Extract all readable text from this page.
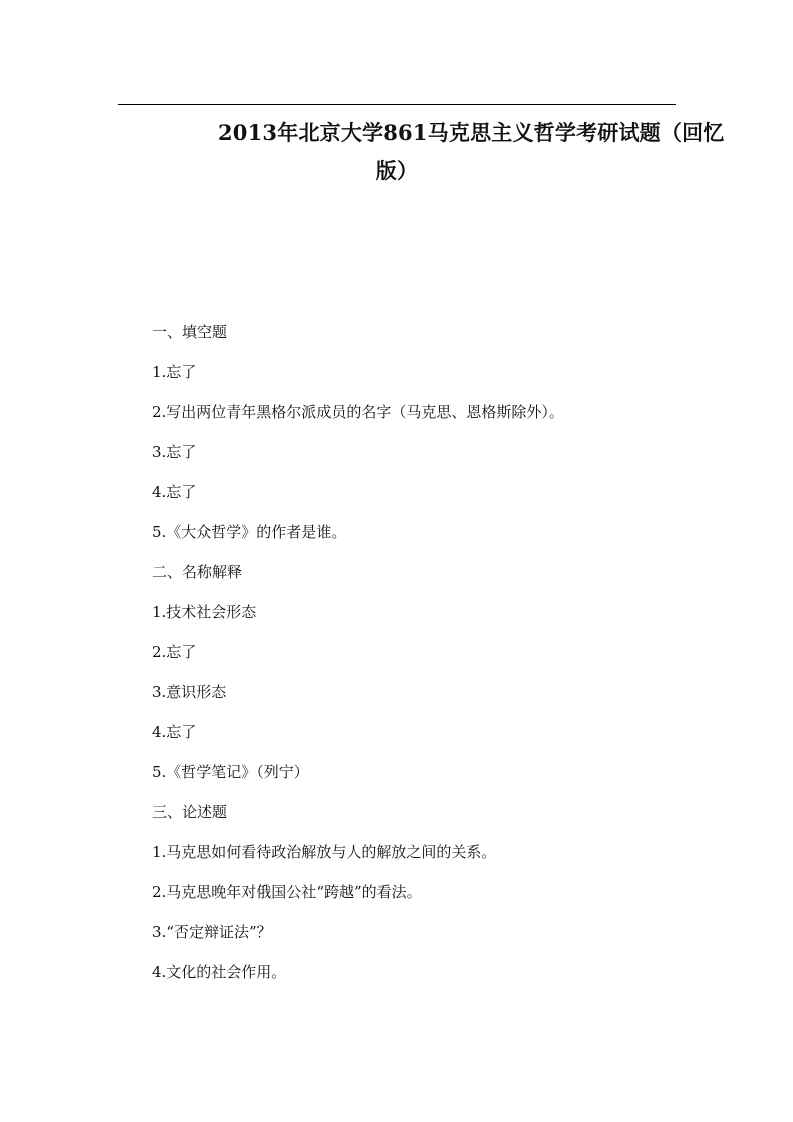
2013年北京大学861马克思主义哲学考研试题（回忆
版）
一、填空题
1.忘了
2.写出两位青年黑格尔派成员的名字（马克思、恩格斯除外）。
3.忘了
4.忘了
5.《大众哲学》的作者是谁。
二、名称解释
1.技术社会形态
2.忘了
3.意识形态
4.忘了
5.《哲学笔记》（列宁）
三、论述题
1.马克思如何看待政治解放与人的解放之间的关系。
2.马克思晚年对俄国公社“跨越”的看法。
3.“否定辩证法”？
4.文化的社会作用。
